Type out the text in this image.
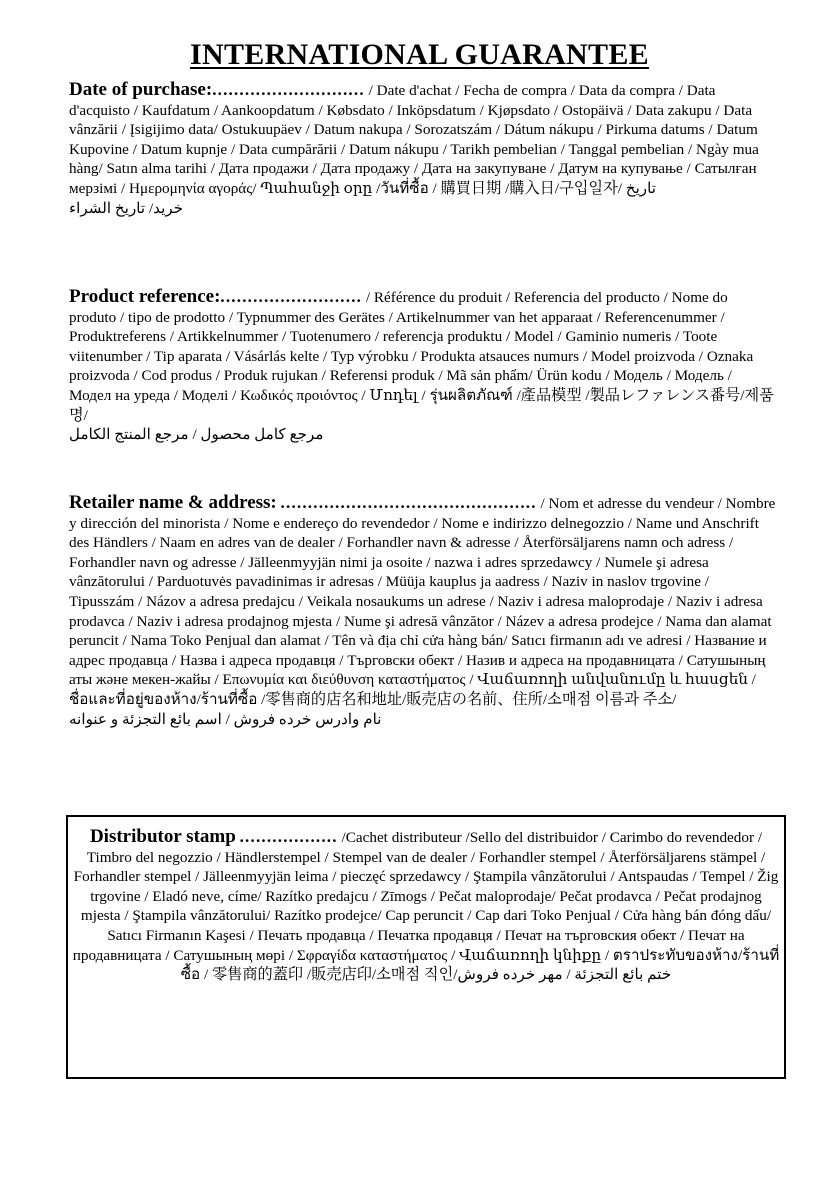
INTERNATIONAL GUARANTEE
Date of purchase:............................ / Date d'achat / Fecha de compra / Data da compra / Data d'acquisto / Kaufdatum / Aankoopdatum / Købsdato / Inköpsdatum / Kjøpsdato / Ostopäivä / Data zakupu / Data vânzării / Įsigijimo data/ Ostukuupäev / Datum nakupa / Sorozatszám / Dátum nákupu / Pirkuma datums / Datum Kupovine / Datum kupnje / Data cumpărării / Datum nákupu / Tarikh pembelian / Tanggal pembelian / Ngày mua hàng/ Satın alma tarihi / Дата продажи / Дата продажу / Дата на закупуване / Датум на купување / Сатылған мерзімі / Ημερομηνία αγοράς/ Պահանջի օրը /วันที่ซื้อ / 購買日期 /購入日/구입일자/ تاريخ
خريد/ تاريخ الشراء
Product reference:.......................... / Référence du produit / Referencia del producto / Nome do produto / tipo de prodotto / Typnummer des Gerätes / Artikelnummer van het apparaat / Referencenummer / Produktreferens / Artikkelnummer / Tuotenumero / referencja produktu / Model / Gaminio numeris / Toote viitenumber / Tip aparata / Vásárlás kelte / Typ výrobku / Produkta atsauces numurs / Model proizvoda / Oznaka proizvoda / Cod produs / Produk rujukan / Referensi produk / Mã sản phẩm/ Ürün kodu / Модель / Модель / Модел на уреда / Моделі / Κωδικός προιόντος / Մոդել / รุ่นผลิตภัณฑ์ /產品模型 /製品レファレンス番号/제품명/
مرجع كامل محصول / مرجع المنتج الكامل
Retailer name & address: ............................................... / Nom et adresse du vendeur / Nombre y dirección del minorista / Nome e endereço do revendedor / Nome e indirizzo delnegozzio / Name und Anschrift des Händlers / Naam en adres van de dealer / Forhandler navn & adresse / Återförsäljarens namn och adress / Forhandler navn og adresse / Jälleenmyyjän nimi ja osoite / nazwa i adres sprzedawcy / Numele şi adresa vânzătorului / Parduotuvės pavadinimas ir adresas / Müüja kauplus ja aadress / Naziv in naslov trgovine / Tipusszám / Názov a adresa predajcu / Veikala nosaukums un adrese / Naziv i adresa maloprodaje / Naziv i adresa prodavca / Naziv i adresa prodajnog mjesta / Nume şi adresă vânzător / Název a adresa prodejce / Nama dan alamat peruncit / Nama Toko Penjual dan alamat / Tên và địa chỉ cửa hàng bán/ Satıcı firmanın adı ve adresi / Название и адрес продавца / Назва і адреса продавця / Търговски обект / Назив и адреса на продавницата / Сатушының аты және мекен-жайы / Επωνυμία και διεύθυνση καταστήματος / Վաճառողի անվանումը և հասցեն / ชื่อและที่อยู่ของห้าง/ร้านที่ซื้อ /零售商的店名和地址/販売店の名前、住所/소매점 이름과 주소/
نام وادرس خرده فروش / اسم بائع التجزئة و عنوانه
Distributor stamp .................. /Cachet distributeur /Sello del distribuidor / Carimbo do revendedor / Timbro del negozzio / Händlerstempel / Stempel van de dealer / Forhandler stempel / Återförsäljarens stämpel / Forhandler stempel / Jälleenmyyjän leima / pieczęć sprzedawcy / Ştampila vânzătorului / Antspaudas / Tempel / Žig trgovine / Eladó neve, címe/ Razítko predajcu / Zīmogs / Pečat maloprodaje/ Pečat prodavca / Pečat prodajnog mjesta / Ştampila vânzătorului/ Razítko prodejce/ Cap peruncit / Cap dari Toko Penjual / Cửa hàng bán đóng dấu/ Satıcı Firmanın Kaşesi / Печать продавца / Печатка продавця / Печат на търговския обект / Печат на продавницата / Сатушының мөрі / Σφραγίδα καταστήματος / Վաճառողի կնիքը / ตราประทับของห้าง/ร้านที่ซื้อ / 零售商的蓋印 /販売店印/소매점 직인/ختم بائع التجزئة / مهر خرده فروش
